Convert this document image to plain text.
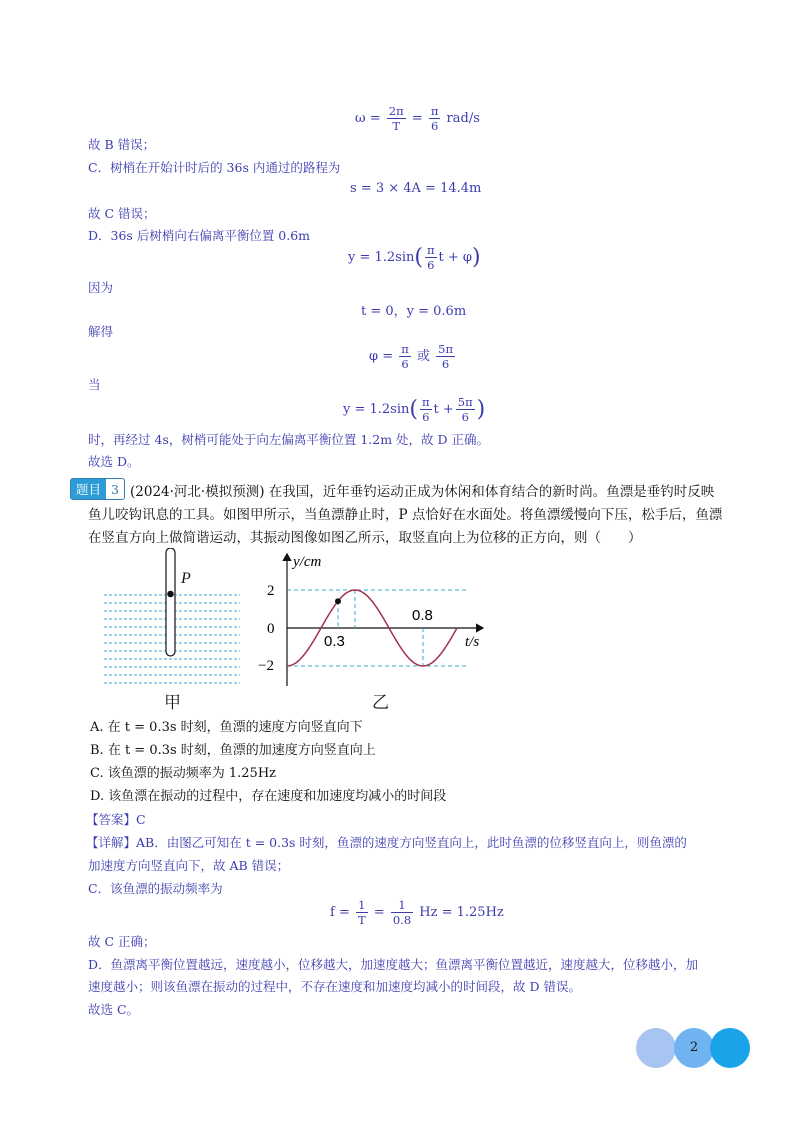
$\omega = \frac{2\pi}{T} = \frac{\pi}{6} rad/s$
故 B 错误；
C．树梢在开始计时后的 36s 内通过的路程为
s = 3 × 4A = 14.4m
故 C 错误；
D．36s 后树梢向右偏离平衡位置 0.6m
$y = 1.2\sin( \frac{\pi}{6}$ t + φ)
因为
t = 0，y = 0.6m
解得
$\varphi = \frac{\pi}{6}$ 或 $\frac{5\pi}{6}$
当
$y = 1.2\sin( \frac{\pi}{6}$ $t + \frac{5\pi}{6}$ )
时，再经过 4s，树梢可能处于向左偏离平衡位置 1.2m 处，故 D 正确。
故选 D。
题目 3 (2024·河北·模拟预测) 在我国，近年垂钓运动正成为休闲和体育结合的新时尚。鱼漂是垂钓时反映
鱼儿咬钩讯息的工具。如图甲所示，当鱼漂静止时，P 点恰好在水面处。将鱼漂缓慢向下压，松手后，鱼漂
在竖直方向上做简谐运动，其振动图像如图乙所示，取竖直向上为位移的正方向，则（　　）
P
甲
2
0
−2
0.3
0.8
y/cm
t/s
乙
A. 在 t = 0.3s 时刻，鱼漂的速度方向竖直向下
B. 在 t = 0.3s 时刻，鱼漂的加速度方向竖直向上
C. 该鱼漂的振动频率为 1.25Hz
D. 该鱼漂在振动的过程中，存在速度和加速度均减小的时间段
【答案】C
【详解】AB．由图乙可知在 t = 0.3s 时刻，鱼漂的速度方向竖直向上，此时鱼漂的位移竖直向上，则鱼漂的
加速度方向竖直向下，故 AB 错误；
C．该鱼漂的振动频率为
$f = \frac{1}{T} = \frac{1}{0.8}$ Hz = 1.25Hz
故 C 正确；
D．鱼漂离平衡位置越远，速度越小，位移越大，加速度越大；鱼漂离平衡位置越近，速度越大，位移越小，加
速度越小；则该鱼漂在振动的过程中，不存在速度和加速度均减小的时间段，故 D 错误。
故选 C。
2
